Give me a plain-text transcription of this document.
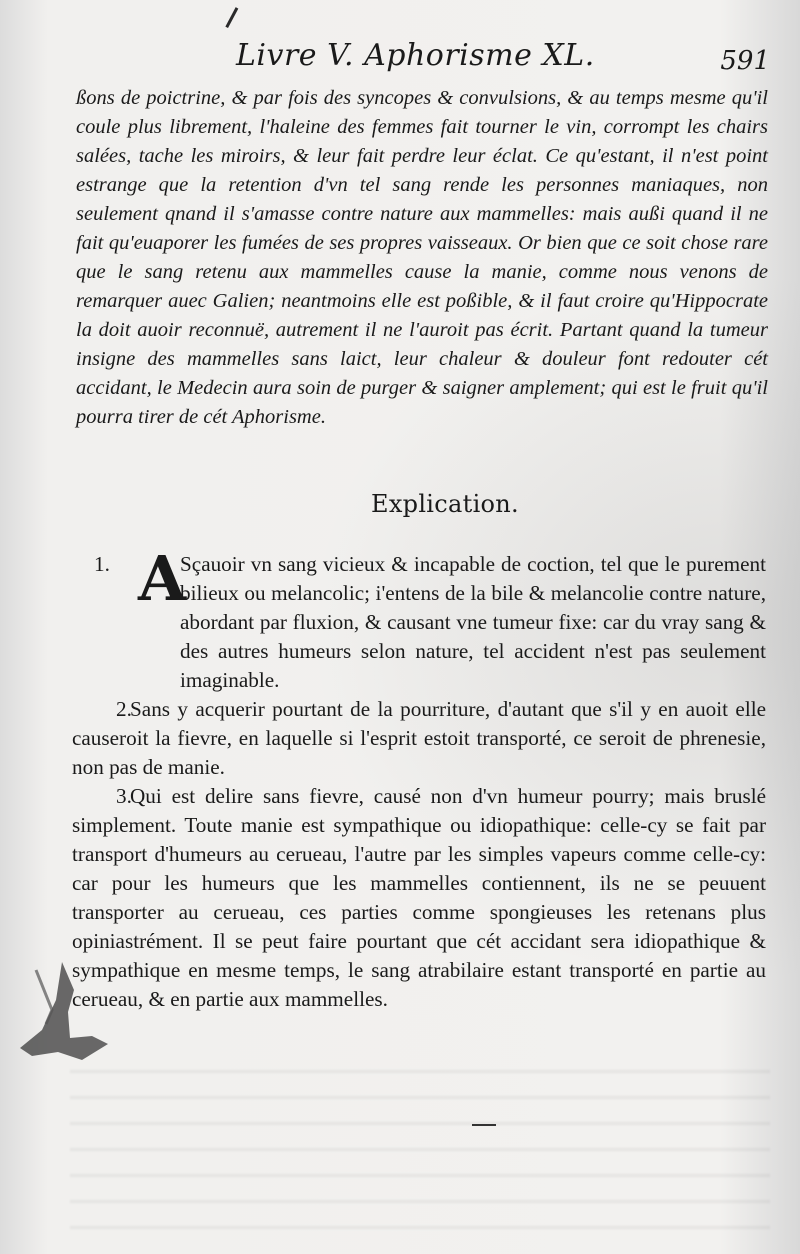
Livre V. Aphorisme XL.	591

ßons de poictrine, & par fois des syncopes & convulsions, & au temps mesme qu'il coule plus librement, l'haleine des femmes fait tourner le vin, corrompt les chairs salées, tache les miroirs, & leur fait perdre leur éclat. Ce qu'estant, il n'est point estrange que la retention d'vn tel sang rende les personnes maniaques, non seulement qnand il s'amasse contre nature aux mammelles: mais außi quand il ne fait qu'euaporer les fumées de ses propres vaisseaux. Or bien que ce soit chose rare que le sang retenu aux mammelles cause la manie, comme nous venons de remarquer auec Galien; neantmoins elle est poßible, & il faut croire qu'Hippocrate la doit auoir reconnuë, autrement il ne l'auroit pas écrit. Partant quand la tumeur insigne des mammelles sans laict, leur chaleur & douleur font redouter cét accidant, le Medecin aura soin de purger & saigner amplement; qui est le fruit qu'il pourra tirer de cét Aphorisme.

Explication.

1. A
Sçauoir vn sang vicieux & incapable de coction, tel que le purement bilieux ou melancolic; i'entens de la bile & melancolie contre nature, abordant par fluxion, & causant vne tumeur fixe: car du vray sang & des autres humeurs selon nature, tel accident n'est pas seulement imaginable.

2.Sans y acquerir pourtant de la pourriture, d'autant que s'il y en auoit elle causeroit la fievre, en laquelle si l'esprit estoit transporté, ce seroit de phrenesie, non pas de manie.

3.Qui est delire sans fievre, causé non d'vn humeur pourry; mais bruslé simplement. Toute manie est sympathique ou idiopathique: celle-cy se fait par transport d'humeurs au cerueau, l'autre par les simples vapeurs comme celle-cy: car pour les humeurs que les mammelles contiennent, ils ne se peuuent transporter au cerueau, ces parties comme spongieuses les retenans plus opiniastrément. Il se peut faire pourtant que cét accidant sera idiopathique & sympathique en mesme temps, le sang atrabilaire estant transporté en partie au cerueau, & en partie aux mammelles.
